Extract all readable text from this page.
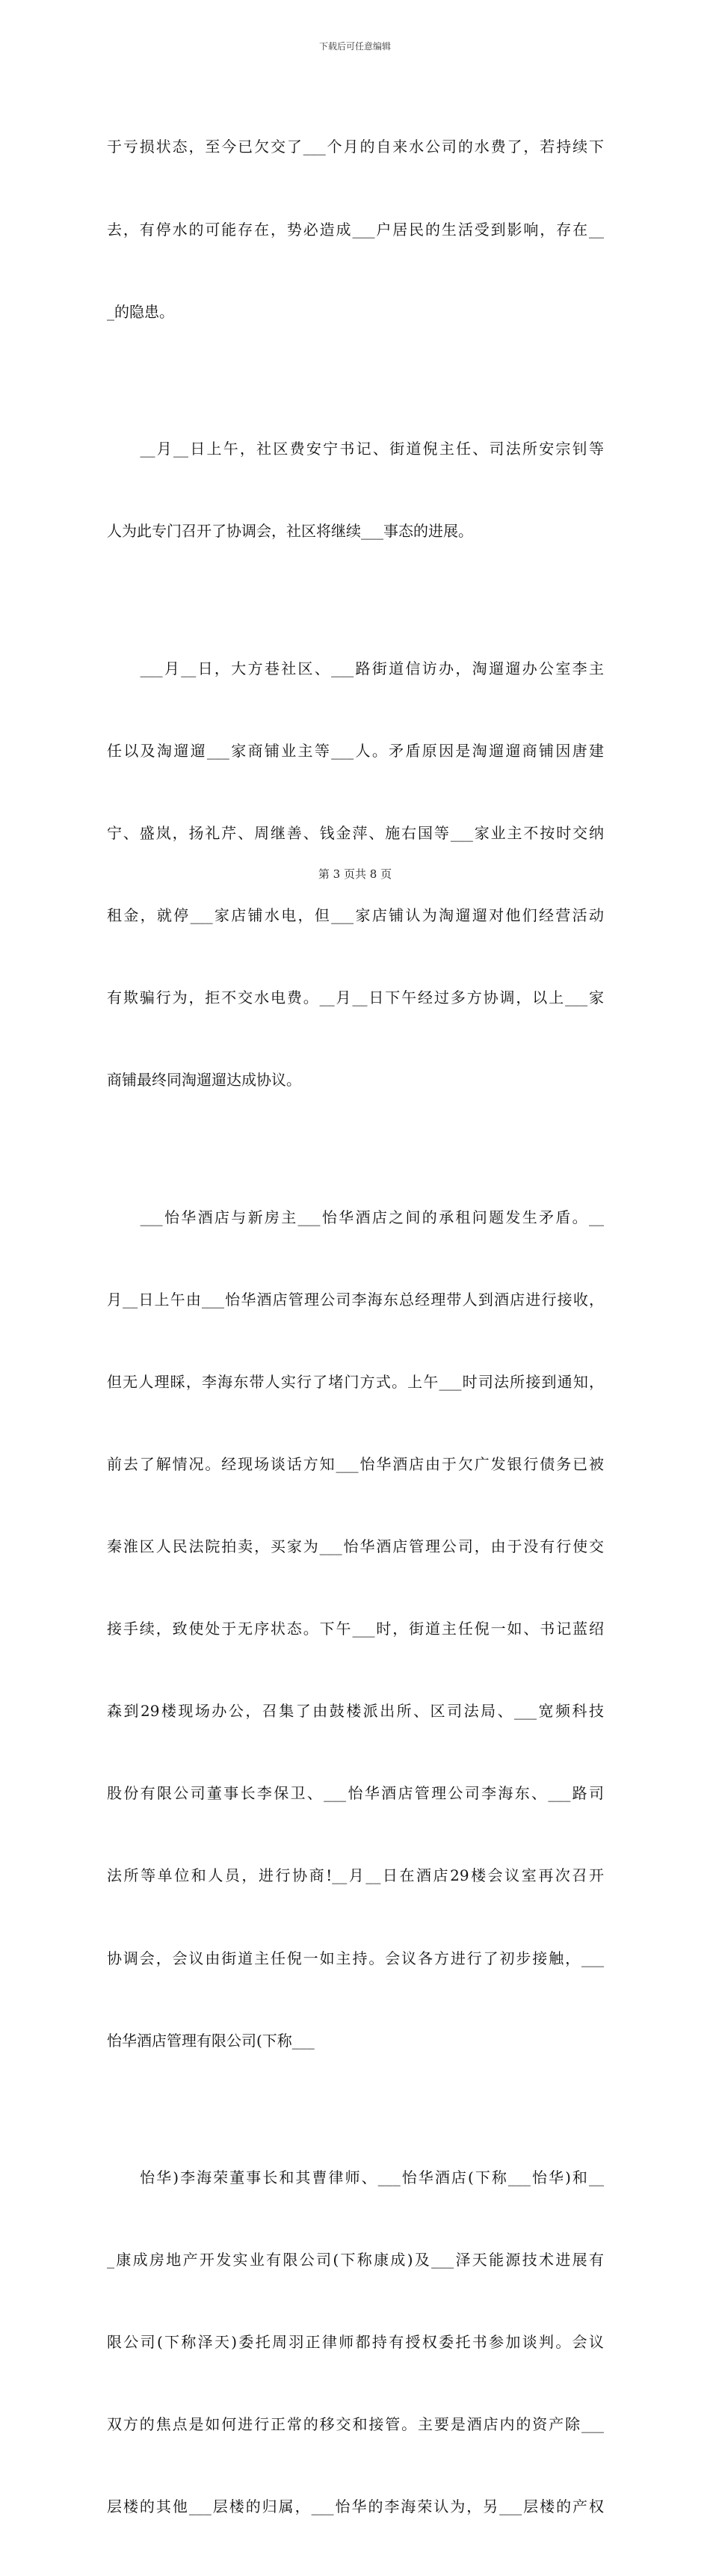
下载后可任意编辑

于亏损状态，至今已欠交了___个月的自来水公司的水费了，若持续下

去，有停水的可能存在，势必造成___户居民的生活受到影响，存在__

_的隐患。

　　__月__日上午，社区费安宁书记、街道倪主任、司法所安宗钊等

人为此专门召开了协调会，社区将继续___事态的进展。

　　___月__日，大方巷社区、___路街道信访办，淘遛遛办公室李主

任以及淘遛遛___家商铺业主等___人。矛盾原因是淘遛遛商铺因唐建

宁、盛岚，扬礼芹、周继善、钱金萍、施右国等___家业主不按时交纳

租金，就停___家店铺水电，但___家店铺认为淘遛遛对他们经营活动

有欺骗行为，拒不交水电费。__月__日下午经过多方协调，以上___家

商铺最终同淘遛遛达成协议。

　　___怡华酒店与新房主___怡华酒店之间的承租问题发生矛盾。__

月__日上午由___怡华酒店管理公司李海东总经理带人到酒店进行接收，

但无人理睬，李海东带人实行了堵门方式。上午___时司法所接到通知，

前去了解情况。经现场谈话方知___怡华酒店由于欠广发银行债务已被

秦淮区人民法院拍卖，买家为___怡华酒店管理公司，由于没有行使交

接手续，致使处于无序状态。下午___时，街道主任倪一如、书记蓝绍

森到29楼现场办公，召集了由鼓楼派出所、区司法局、___宽频科技

股份有限公司董事长李保卫、___怡华酒店管理公司李海东、___路司

法所等单位和人员，进行协商!__月__日在酒店29楼会议室再次召开

协调会，会议由街道主任倪一如主持。会议各方进行了初步接触，___

怡华酒店管理有限公司(下称___

　　怡华)李海荣董事长和其曹律师、___怡华酒店(下称___怡华)和__

_康成房地产开发实业有限公司(下称康成)及___泽天能源技术进展有

限公司(下称泽天)委托周羽正律师都持有授权委托书参加谈判。会议

双方的焦点是如何进行正常的移交和接管。主要是酒店内的资产除___

层楼的其他___层楼的归属，___怡华的李海荣认为，另___层楼的产权

第 3 页共 8 页
